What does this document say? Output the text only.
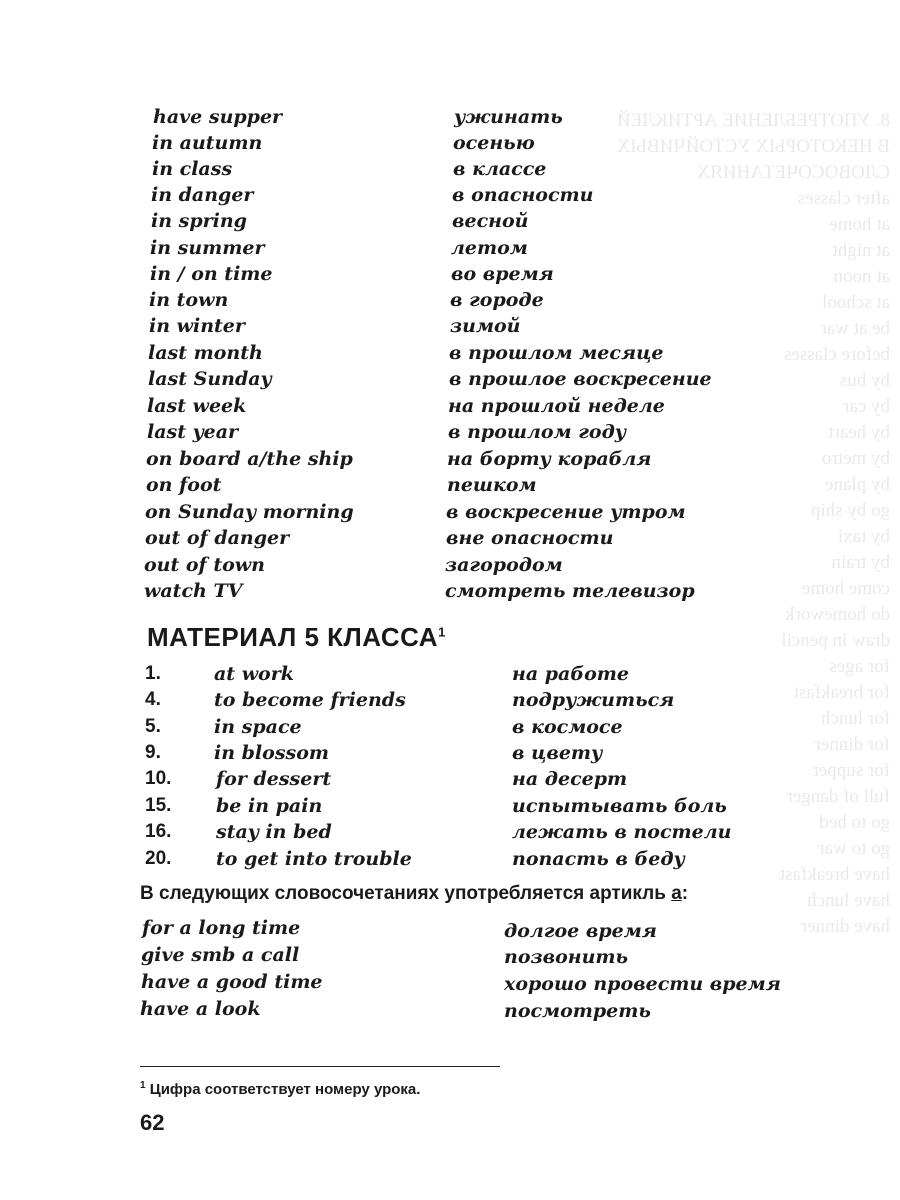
8. УПОТРЕБЛЕНИЕ АРТИКЛЕЙ
В НЕКОТОРЫХ УСТОЙЧИВЫХ
СЛОВОСОЧЕТАНИЯХ
after classes
at home
at night
at noon
at school
be at war
before classes
by bus
by car
by heart
by metro
by plane
go by ship
by taxi
by train
come home
do homework
draw in pencil
for ages
for breakfast
for lunch
for dinner
for supper
full of danger
go to bed
go to war
have breakfast
have lunch
have dinner
have supper	ужинать
in autumn	осенью
in class	в классе
in danger	в опасности
in spring	весной
in summer	летом
in / on time	во время
in town	в городе
in winter	зимой
last month	в прошлом месяце
last Sunday	в прошлое воскресение
last week	на прошлой неделе
last year	в прошлом году
on board a/the ship	на борту корабля
on foot	пешком
on Sunday morning	в воскресение утром
out of danger	вне опасности
out of town	загородом
watch TV	смотреть телевизор
МАТЕРИАЛ 5 КЛАССА$^1$
1.	at work	на работе
4.	to become friends	подружиться
5.	in space	в космосе
9.	in blossom	в цвету
10. for dessert	на десерт
15. be in pain	испытывать боль
16. stay in bed	лежать в постели
20. to get into trouble	попасть в беду
В следующих словосочетаниях употребляется артикль a:
for a long time	долгое время
give smb a call	позвонить
have a good time	хорошо провести время
have a look	посмотреть
$^1$ Цифра соответствует номеру урока.
62
